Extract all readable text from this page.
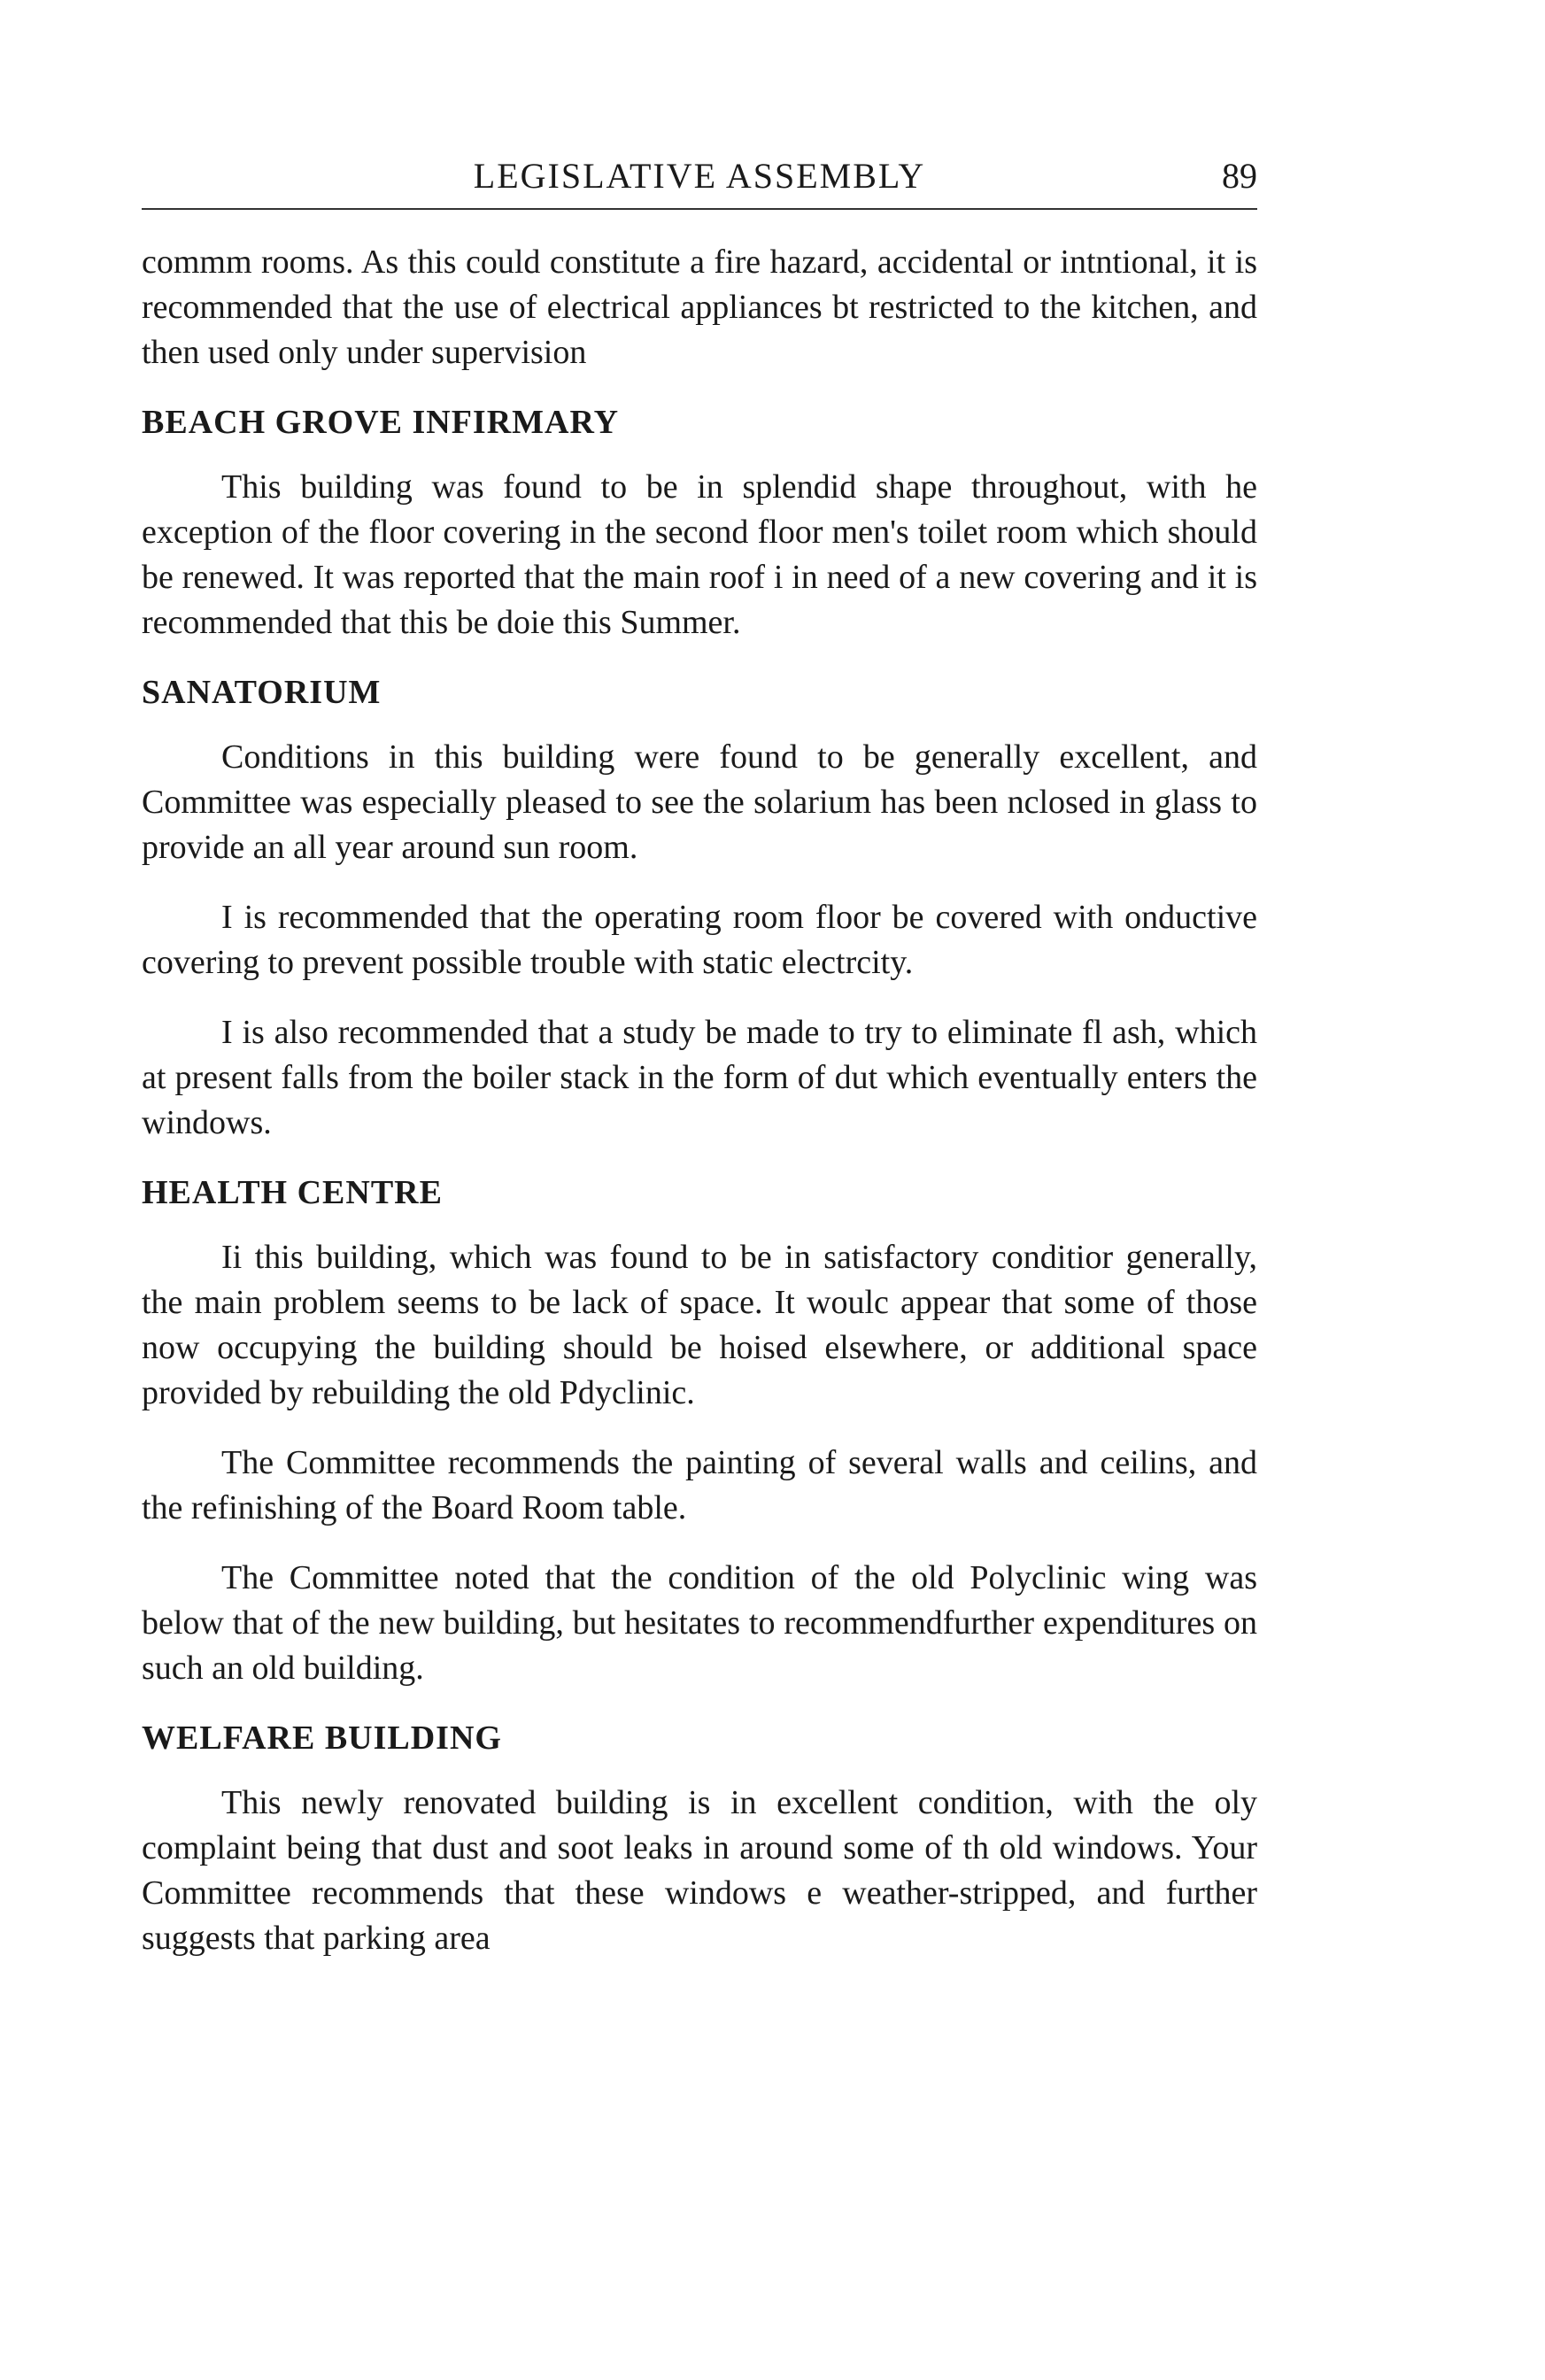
LEGISLATIVE ASSEMBLY	89

commm rooms. As this could constitute a fire hazard, accidental or intntional, it is recommended that the use of electrical appliances bt restricted to the kitchen, and then used only under supervision

BEACH GROVE INFIRMARY

This building was found to be in splendid shape throughout, with he exception of the floor covering in the second floor men's toilet room which should be renewed. It was reported that the main roof i in need of a new covering and it is recommended that this be doie this Summer.

SANATORIUM

Conditions in this building were found to be generally excellent, and Committee was especially pleased to see the solarium has been nclosed in glass to provide an all year around sun room.

I is recommended that the operating room floor be covered with onductive covering to prevent possible trouble with static electrcity.

I is also recommended that a study be made to try to eliminate fl ash, which at present falls from the boiler stack in the form of dut which eventually enters the windows.

HEALTH CENTRE

Ii this building, which was found to be in satisfactory conditior generally, the main problem seems to be lack of space. It woulc appear that some of those now occupying the building should be hoised elsewhere, or additional space provided by rebuilding the old Pdyclinic.

The Committee recommends the painting of several walls and ceilins, and the refinishing of the Board Room table.

The Committee noted that the condition of the old Polyclinic wing was below that of the new building, but hesitates to recommendfurther expenditures on such an old building.

WELFARE BUILDING

This newly renovated building is in excellent condition, with the oly complaint being that dust and soot leaks in around some of th old windows. Your Committee recommends that these windows e weather-stripped, and further suggests that parking area
